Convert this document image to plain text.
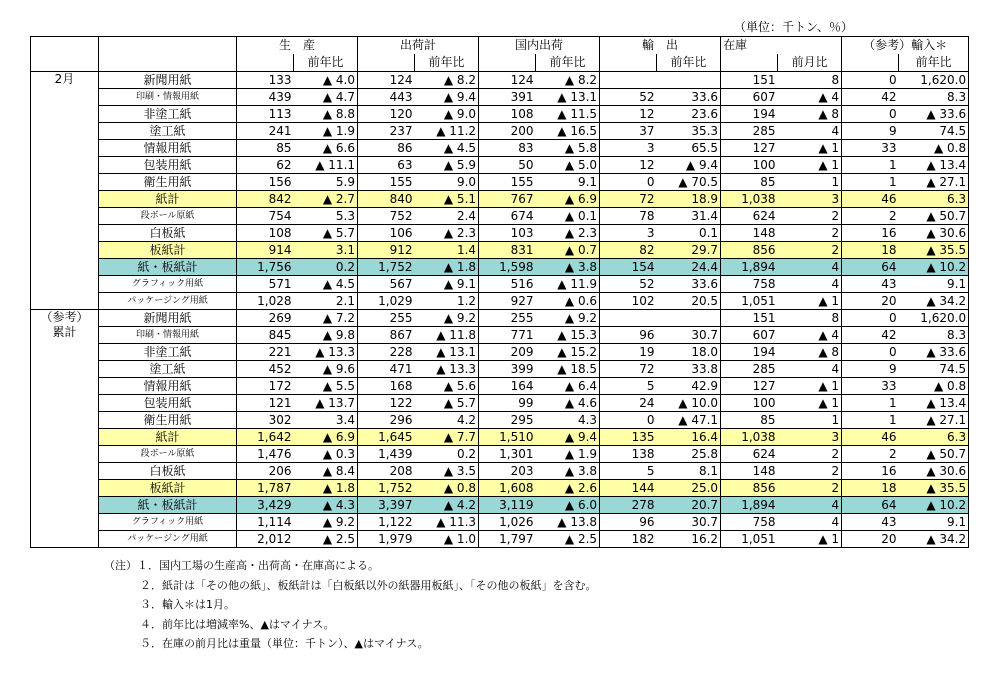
（単位：千トン、％）
		生　産		出荷計		国内出荷		輸　出		在庫		（参考）輸入＊	
			前年比		前年比		前年比		前年比		前月比		前年比
2月	新聞用紙	133	▲ 4.0	124	▲ 8.2	124	▲ 8.2			151	8	0	1,620.0
	印刷・情報用紙	439	▲ 4.7	443	▲ 9.4	391	▲ 13.1	52	33.6	607	▲ 4	42	8.3
	非塗工紙	113	▲ 8.8	120	▲ 9.0	108	▲ 11.5	12	23.6	194	▲ 8	0	▲ 33.6
	塗工紙	241	▲ 1.9	237	▲ 11.2	200	▲ 16.5	37	35.3	285	4	9	74.5
	情報用紙	85	▲ 6.6	86	▲ 4.5	83	▲ 5.8	3	65.5	127	▲ 1	33	▲ 0.8
	包装用紙	62	▲ 11.1	63	▲ 5.9	50	▲ 5.0	12	▲ 9.4	100	▲ 1	1	▲ 13.4
	衛生用紙	156	5.9	155	9.0	155	9.1	0	▲ 70.5	85	1	1	▲ 27.1
	紙計	842	▲ 2.7	840	▲ 5.1	767	▲ 6.9	72	18.9	1,038	3	46	6.3
	段ボール原紙	754	5.3	752	2.4	674	▲ 0.1	78	31.4	624	2	2	▲ 50.7
	白板紙	108	▲ 5.7	106	▲ 2.3	103	▲ 2.3	3	0.1	148	2	16	▲ 30.6
	板紙計	914	3.1	912	1.4	831	▲ 0.7	82	29.7	856	2	18	▲ 35.5
	紙・板紙計	1,756	0.2	1,752	▲ 1.8	1,598	▲ 3.8	154	24.4	1,894	4	64	▲ 10.2
	グラフィック用紙	571	▲ 4.5	567	▲ 9.1	516	▲ 11.9	52	33.6	758	4	43	9.1
	パッケージング用紙	1,028	2.1	1,029	1.2	927	▲ 0.6	102	20.5	1,051	▲ 1	20	▲ 34.2
（参考）
累計	新聞用紙	269	▲ 7.2	255	▲ 9.2	255	▲ 9.2			151	8	0	1,620.0
	印刷・情報用紙	845	▲ 9.8	867	▲ 11.8	771	▲ 15.3	96	30.7	607	▲ 4	42	8.3
	非塗工紙	221	▲ 13.3	228	▲ 13.1	209	▲ 15.2	19	18.0	194	▲ 8	0	▲ 33.6
	塗工紙	452	▲ 9.6	471	▲ 13.3	399	▲ 18.5	72	33.8	285	4	9	74.5
	情報用紙	172	▲ 5.5	168	▲ 5.6	164	▲ 6.4	5	42.9	127	▲ 1	33	▲ 0.8
	包装用紙	121	▲ 13.7	122	▲ 5.7	99	▲ 4.6	24	▲ 10.0	100	▲ 1	1	▲ 13.4
	衛生用紙	302	3.4	296	4.2	295	4.3	0	▲ 47.1	85	1	1	▲ 27.1
	紙計	1,642	▲ 6.9	1,645	▲ 7.7	1,510	▲ 9.4	135	16.4	1,038	3	46	6.3
	段ボール原紙	1,476	▲ 0.3	1,439	0.2	1,301	▲ 1.9	138	25.8	624	2	2	▲ 50.7
	白板紙	206	▲ 8.4	208	▲ 3.5	203	▲ 3.8	5	8.1	148	2	16	▲ 30.6
	板紙計	1,787	▲ 1.8	1,752	▲ 0.8	1,608	▲ 2.6	144	25.0	856	2	18	▲ 35.5
	紙・板紙計	3,429	▲ 4.3	3,397	▲ 4.2	3,119	▲ 6.0	278	20.7	1,894	4	64	▲ 10.2
	グラフィック用紙	1,114	▲ 9.2	1,122	▲ 11.3	1,026	▲ 13.8	96	30.7	758	4	43	9.1
	パッケージング用紙	2,012	▲ 2.5	1,979	▲ 1.0	1,797	▲ 2.5	182	16.2	1,051	▲ 1	20	▲ 34.2
（注）１．国内工場の生産高・出荷高・在庫高による。
２．紙計は「その他の紙」、板紙計は「白板紙以外の紙器用板紙」、「その他の板紙」を含む。
３．輸入＊は1月。
４．前年比は増減率%、▲はマイナス。
５．在庫の前月比は重量（単位：千トン）、▲はマイナス。
